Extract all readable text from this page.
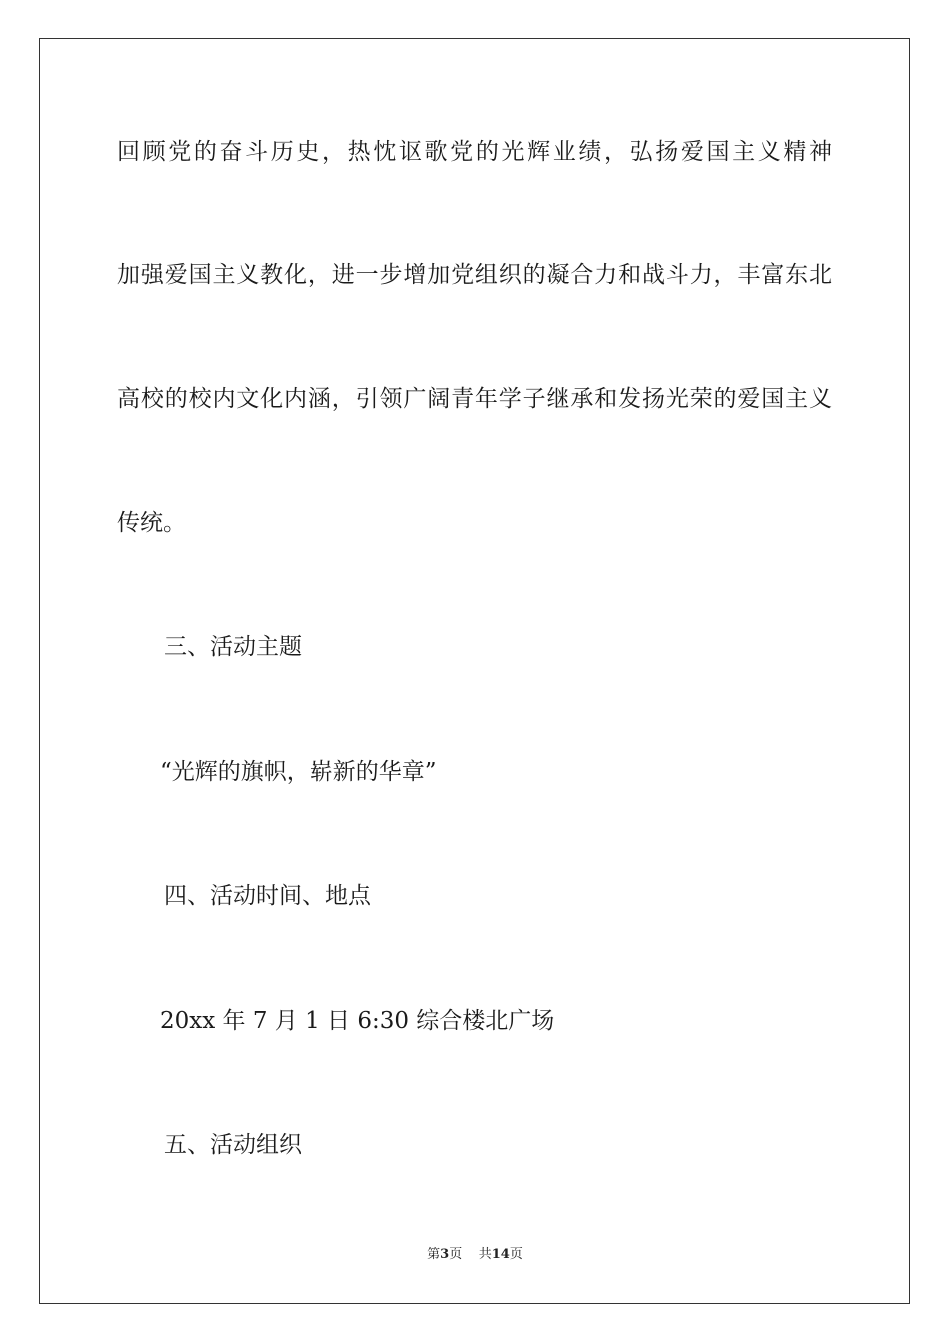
回顾党的奋斗历史，热忱讴歌党的光辉业绩，弘扬爱国主义精神
加强爱国主义教化，进一步增加党组织的凝合力和战斗力，丰富东北
高校的校内文化内涵，引领广阔青年学子继承和发扬光荣的爱国主义
传统。
三、活动主题
“光辉的旗帜，崭新的华章”
四、活动时间、地点
20xx 年 7 月 1 日 6:30 综合楼北广场
五、活动组织
第3页 共14页
